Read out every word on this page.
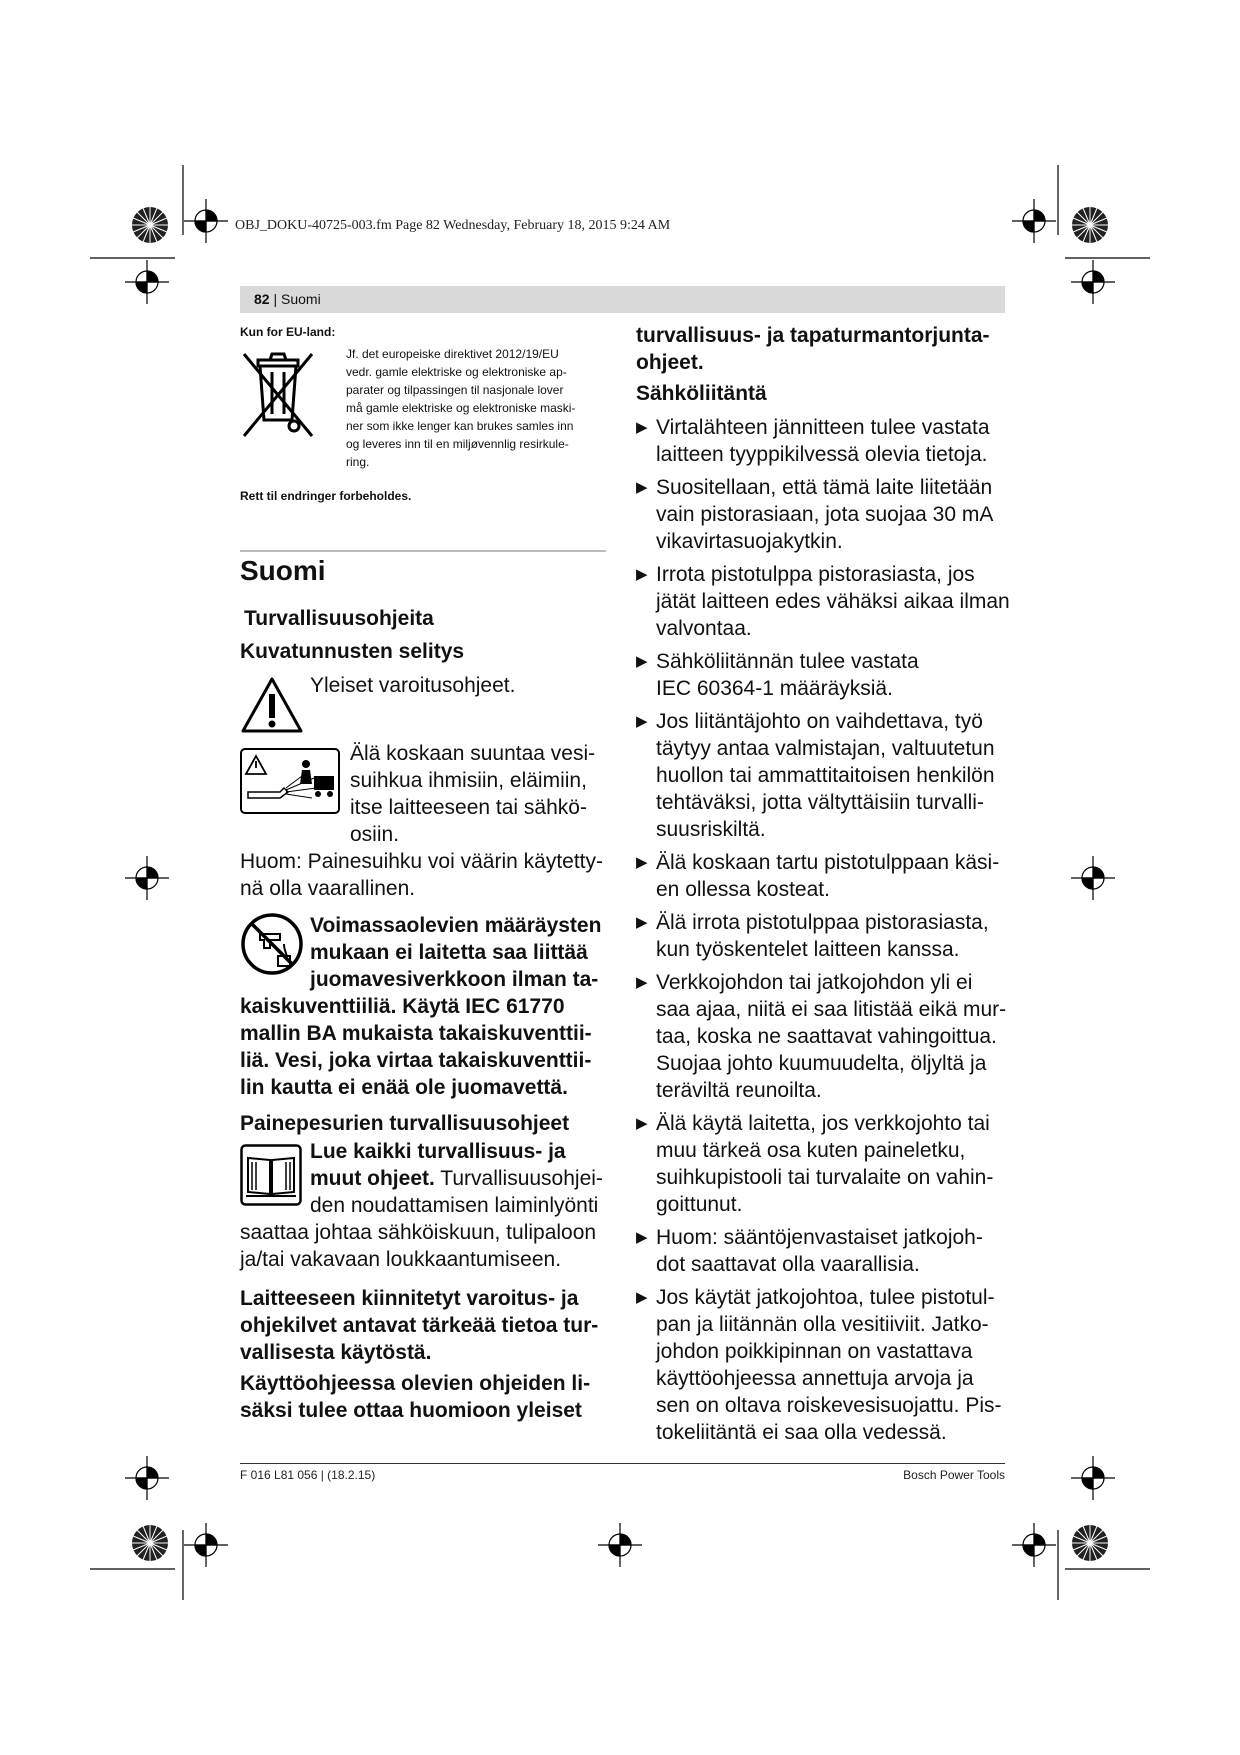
OBJ_DOKU-40725-003.fm Page 82 Wednesday, February 18, 2015 9:24 AM
82 | Suomi
Kun for EU-land:
Jf. det europeiske direktivet 2012/19/EU
vedr. gamle elektriske og elektroniske ap-
parater og tilpassingen til nasjonale lover
må gamle elektriske og elektroniske maski-
ner som ikke lenger kan brukes samles inn
og leveres inn til en miljøvennlig resirkule-
ring.
Rett til endringer forbeholdes.
Suomi
Turvallisuusohjeita
Kuvatunnusten selitys
Yleiset varoitusohjeet.
Älä koskaan suuntaa vesi-
suihkua ihmisiin, eläimiin,
itse laitteeseen tai sähkö-
osiin.
Huom: Painesuihku voi väärin käytetty-
nä olla vaarallinen.
Voimassaolevien määräysten
mukaan ei laitetta saa liittää
juomavesiverkkoon ilman ta-
kaiskuventtiiliä. Käytä IEC 61770
mallin BA mukaista takaiskuventtii-
liä. Vesi, joka virtaa takaiskuventtii-
lin kautta ei enää ole juomavettä.
Painepesurien turvallisuusohjeet
Lue kaikki turvallisuus- ja
muut ohjeet. Turvallisuusohjei-
den noudattamisen laiminlyönti
saattaa johtaa sähköiskuun, tulipaloon
ja/tai vakavaan loukkaantumiseen.
Laitteeseen kiinnitetyt varoitus- ja
ohjekilvet antavat tärkeää tietoa tur-
vallisesta käytöstä.
Käyttöohjeessa olevien ohjeiden li-
säksi tulee ottaa huomioon yleiset
turvallisuus- ja tapaturmantorjunta-
ohjeet.
Sähköliitäntä
▶ Virtalähteen jännitteen tulee vastata
laitteen tyyppikilvessä olevia tietoja.
▶ Suositellaan, että tämä laite liitetään
vain pistorasiaan, jota suojaa 30 mA
vikavirtasuojakytkin.
▶ Irrota pistotulppa pistorasiasta, jos
jätät laitteen edes vähäksi aikaa ilman
valvontaa.
▶ Sähköliitännän tulee vastata
IEC 60364-1 määräyksiä.
▶ Jos liitäntäjohto on vaihdettava, työ
täytyy antaa valmistajan, valtuutetun
huollon tai ammattitaitoisen henkilön
tehtäväksi, jotta vältyttäisiin turvalli-
suusriskiltä.
▶ Älä koskaan tartu pistotulppaan käsi-
en ollessa kosteat.
▶ Älä irrota pistotulppaa pistorasiasta,
kun työskentelet laitteen kanssa.
▶ Verkkojohdon tai jatkojohdon yli ei
saa ajaa, niitä ei saa litistää eikä mur-
taa, koska ne saattavat vahingoittua.
Suojaa johto kuumuudelta, öljyltä ja
teräviltä reunoilta.
▶ Älä käytä laitetta, jos verkkojohto tai
muu tärkeä osa kuten paineletku,
suihkupistooli tai turvalaite on vahin-
goittunut.
▶ Huom: sääntöjenvastaiset jatkojoh-
dot saattavat olla vaarallisia.
▶ Jos käytät jatkojohtoa, tulee pistotul-
pan ja liitännän olla vesitiiviit. Jatko-
johdon poikkipinnan on vastattava
käyttöohjeessa annettuja arvoja ja
sen on oltava roiskevesisuojattu. Pis-
tokeliitäntä ei saa olla vedessä.
F 016 L81 056 | (18.2.15)	Bosch Power Tools
